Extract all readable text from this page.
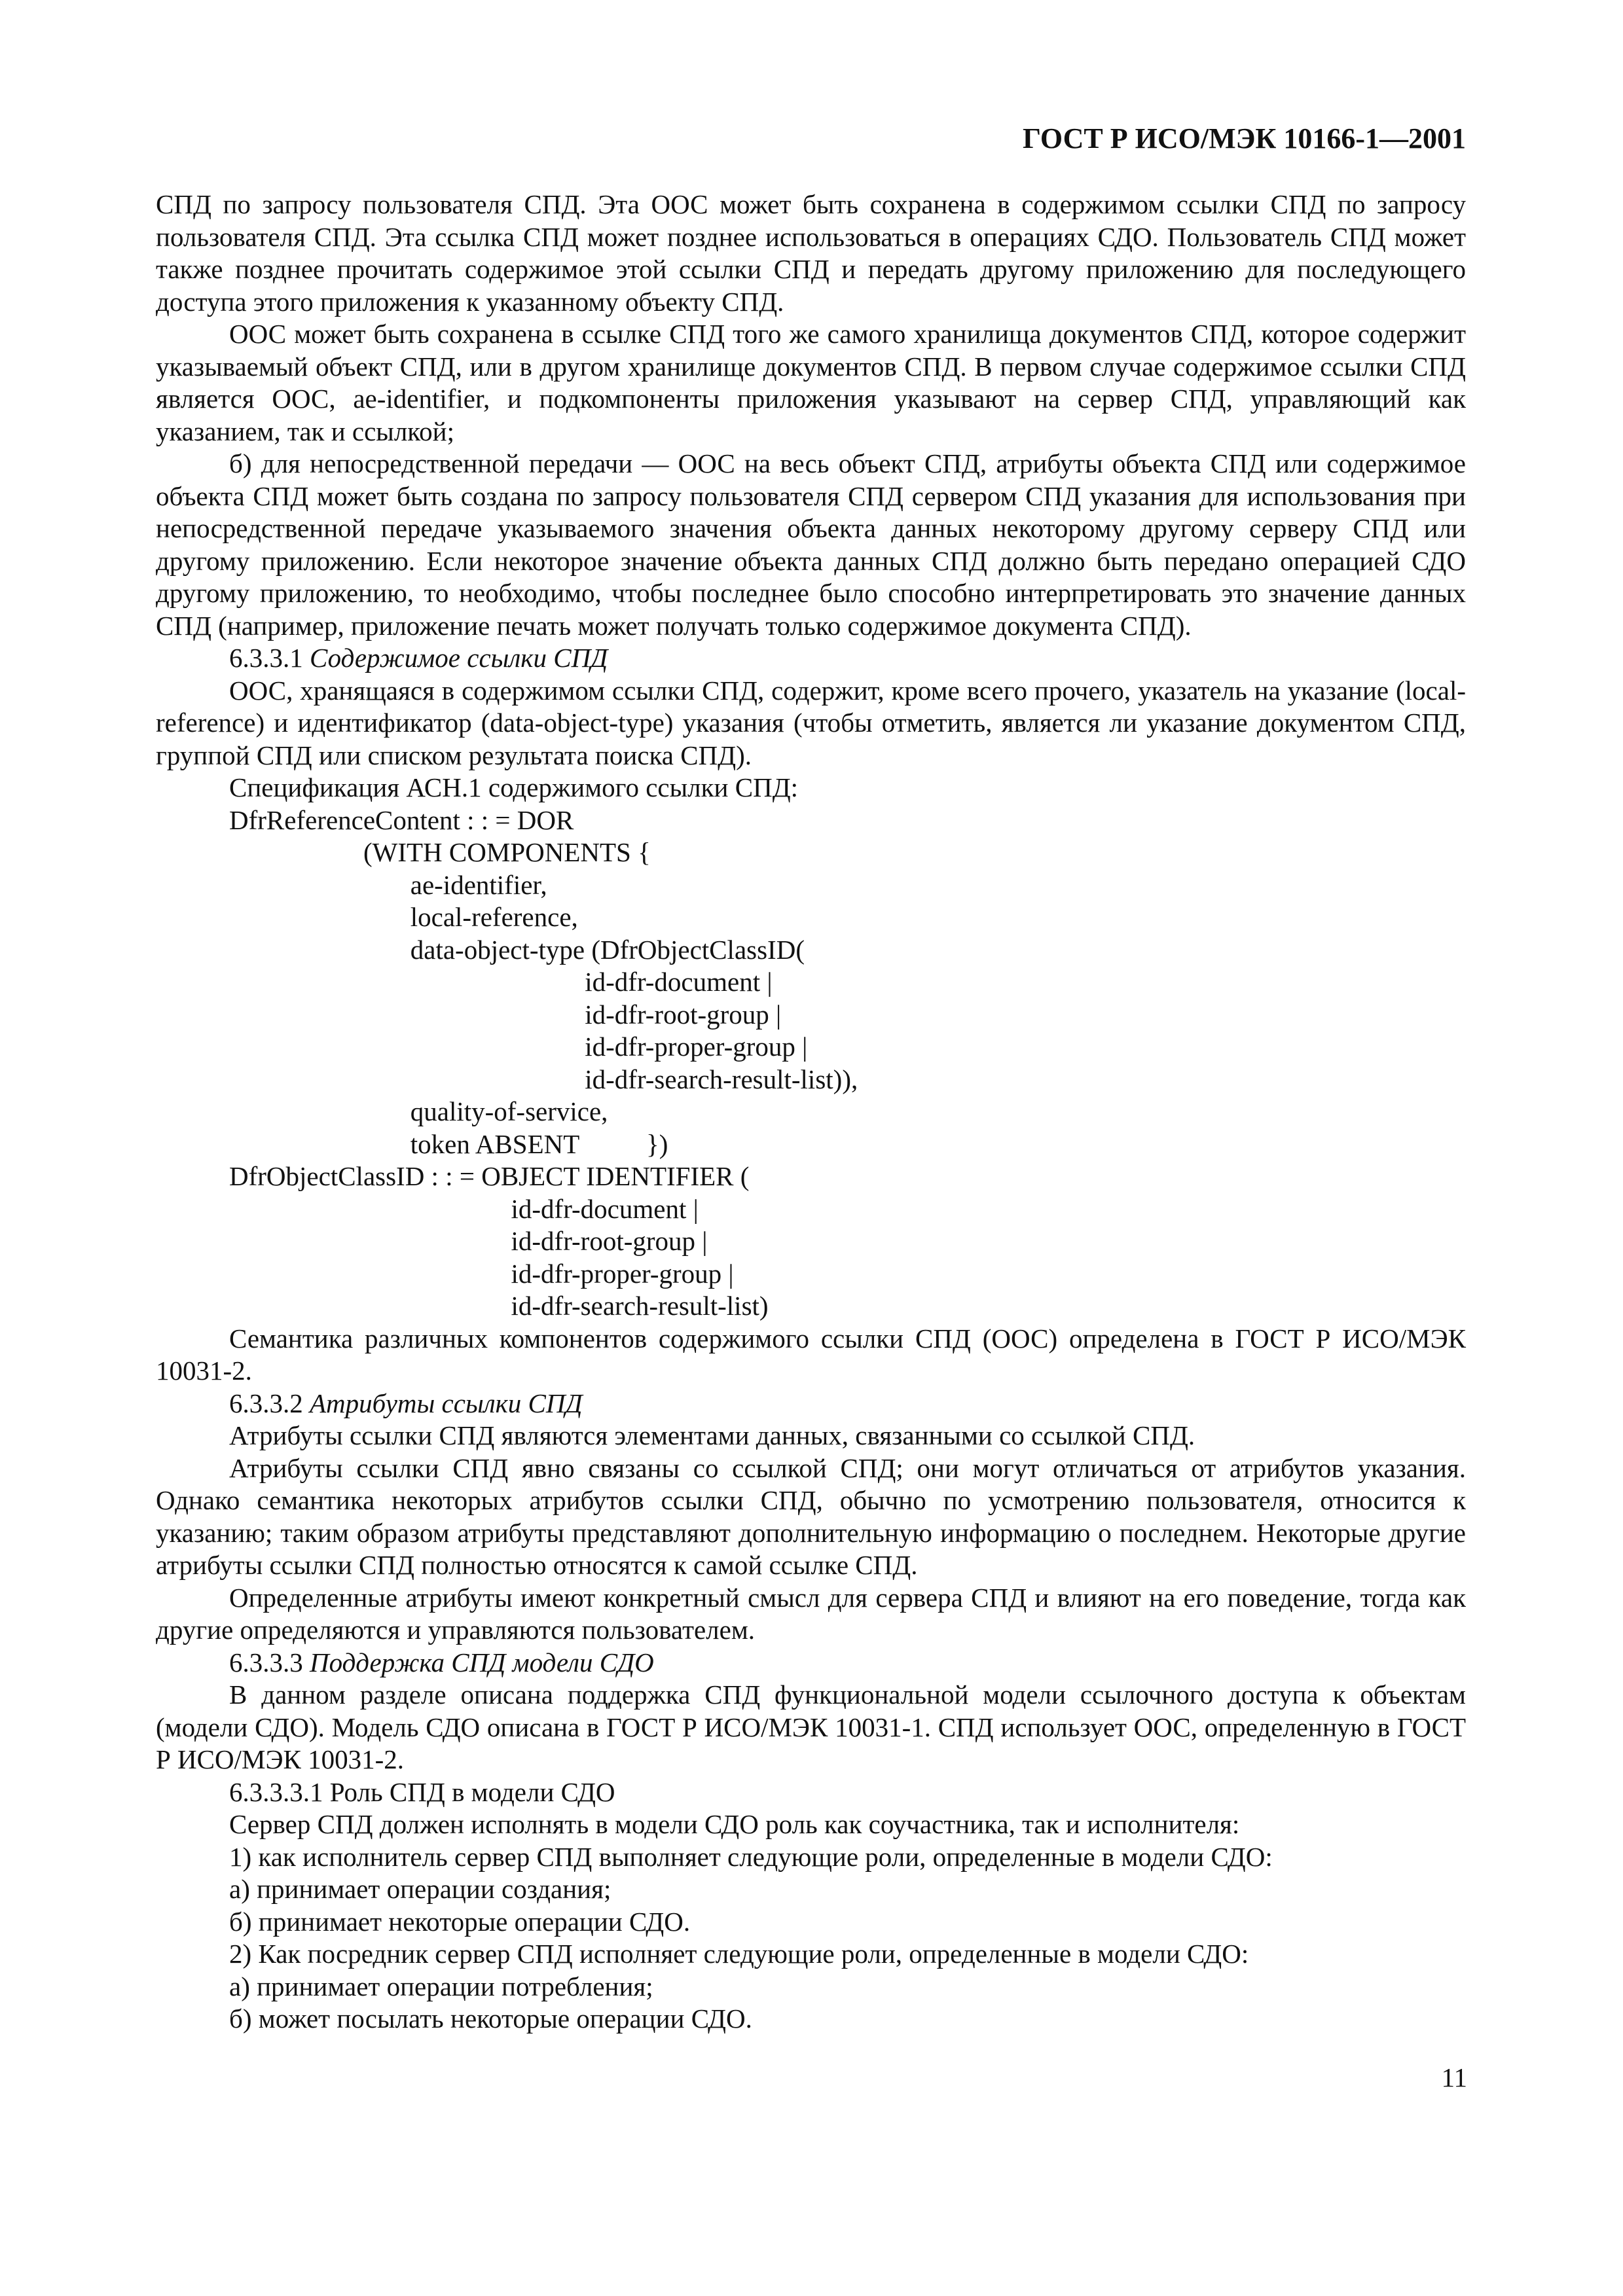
ГОСТ Р ИСО/МЭК 10166-1—2001

СПД по запросу пользователя СПД. Эта ООС может быть сохранена в содержимом ссылки СПД по запросу пользователя СПД. Эта ссылка СПД может позднее использоваться в операциях СДО. Пользователь СПД может также позднее прочитать содержимое этой ссылки СПД и передать другому приложению для последующего доступа этого приложения к указанному объекту СПД.

ООС может быть сохранена в ссылке СПД того же самого хранилища документов СПД, которое содержит указываемый объект СПД, или в другом хранилище документов СПД. В первом случае содержимое ссылки СПД является ООС, ae-identifier, и подкомпоненты приложения указывают на сервер СПД, управляющий как указанием, так и ссылкой;

б) для непосредственной передачи — ООС на весь объект СПД, атрибуты объекта СПД или содержимое объекта СПД может быть создана по запросу пользователя СПД сервером СПД указания для использования при непосредственной передаче указываемого значения объекта данных некоторому другому серверу СПД или другому приложению. Если некоторое значение объекта данных СПД должно быть передано операцией СДО другому приложению, то необходимо, чтобы последнее было способно интерпретировать это значение данных СПД (например, приложение печать может получать только содержимое документа СПД).

6.3.3.1 Содержимое ссылки СПД

ООС, хранящаяся в содержимом ссылки СПД, содержит, кроме всего прочего, указатель на указание (local-reference) и идентификатор (data-object-type) указания (чтобы отметить, является ли указание документом СПД, группой СПД или списком результата поиска СПД).

Спецификация АСН.1 содержимого ссылки СПД:

DfrReferenceContent : : = DOR
(WITH COMPONENTS {
ae-identifier,
local-reference,
data-object-type (DfrObjectClassID(
id-dfr-document |
id-dfr-root-group |
id-dfr-proper-group |
id-dfr-search-result-list)),
quality-of-service,
token ABSENT          })
DfrObjectClassID : : = OBJECT IDENTIFIER (
id-dfr-document |
id-dfr-root-group |
id-dfr-proper-group |
id-dfr-search-result-list)

Семантика различных компонентов содержимого ссылки СПД (ООС) определена в ГОСТ Р ИСО/МЭК 10031-2.

6.3.3.2 Атрибуты ссылки СПД

Атрибуты ссылки СПД являются элементами данных, связанными со ссылкой СПД.

Атрибуты ссылки СПД явно связаны со ссылкой СПД; они могут отличаться от атрибутов указания. Однако семантика некоторых атрибутов ссылки СПД, обычно по усмотрению пользователя, относится к указанию; таким образом атрибуты представляют дополнительную информацию о последнем. Некоторые другие атрибуты ссылки СПД полностью относятся к самой ссылке СПД.

Определенные атрибуты имеют конкретный смысл для сервера СПД и влияют на его поведение, тогда как другие определяются и управляются пользователем.

6.3.3.3 Поддержка СПД модели СДО

В данном разделе описана поддержка СПД функциональной модели ссылочного доступа к объектам (модели СДО). Модель СДО описана в ГОСТ Р ИСО/МЭК 10031-1. СПД использует ООС, определенную в ГОСТ Р ИСО/МЭК 10031-2.

6.3.3.3.1 Роль СПД в модели СДО
Сервер СПД должен исполнять в модели СДО роль как соучастника, так и исполнителя:
1) как исполнитель сервер СПД выполняет следующие роли, определенные в модели СДО:
а) принимает операции создания;
б) принимает некоторые операции СДО.
2) Как посредник сервер СПД исполняет следующие роли, определенные в модели СДО:
а) принимает операции потребления;
б) может посылать некоторые операции СДО.
11
